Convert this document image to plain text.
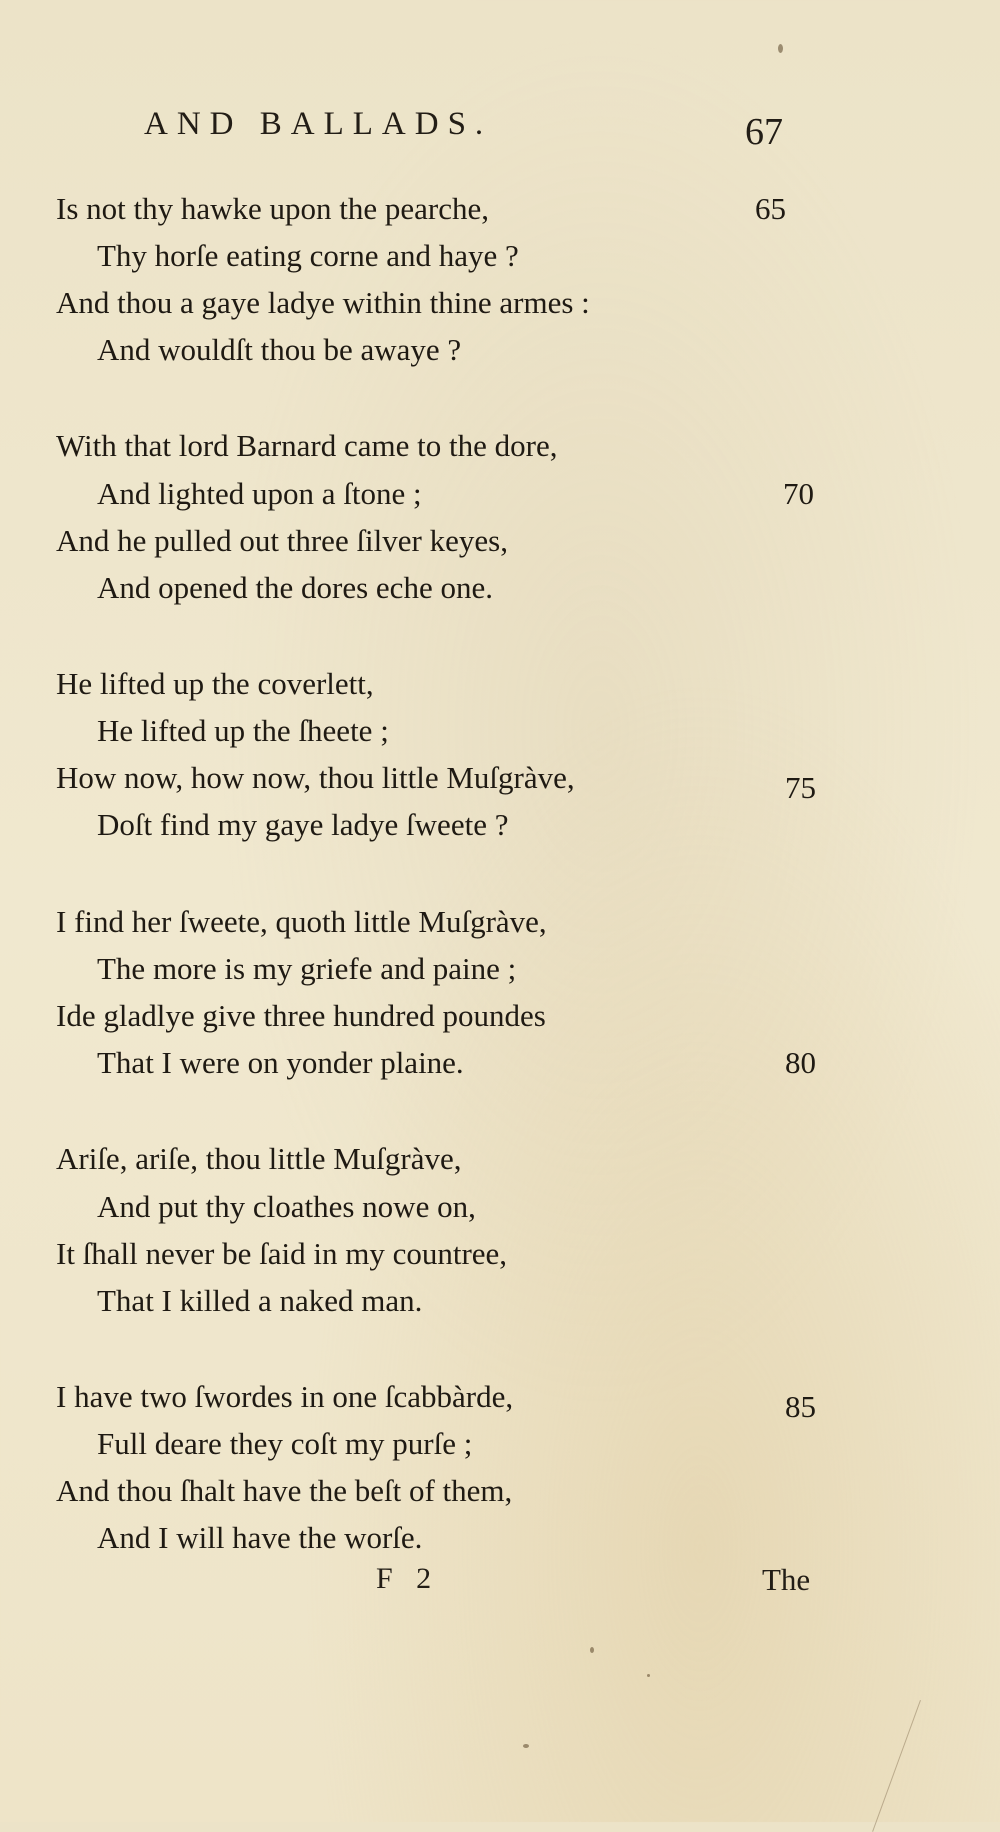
AND BALLADS.	67
Is not thy hawke upon the pearche,	65
Thy horſe eating corne and haye ?
And thou a gaye ladye within thine armes :
And wouldſt thou be awaye ?
With that lord Barnard came to the dore,
And lighted upon a ſtone ;	70
And he pulled out three ſilver keyes,
And opened the dores eche one.
He lifted up the coverlett,
He lifted up the ſheete ;
How now, how now, thou little Muſgràve,	75
Doſt find my gaye ladye ſweete ?
I find her ſweete, quoth little Muſgràve,
The more is my griefe and paine ;
Ide gladlye give three hundred poundes
That I were on yonder plaine.	80
Ariſe, ariſe, thou little Muſgràve,
And put thy cloathes nowe on,
It ſhall never be ſaid in my countree,
That I killed a naked man.
I have two ſwordes in one ſcabbàrde,	85
Full deare they coſt my purſe ;
And thou ſhalt have the beſt of them,
And I will have the worſe.
F 2	The
